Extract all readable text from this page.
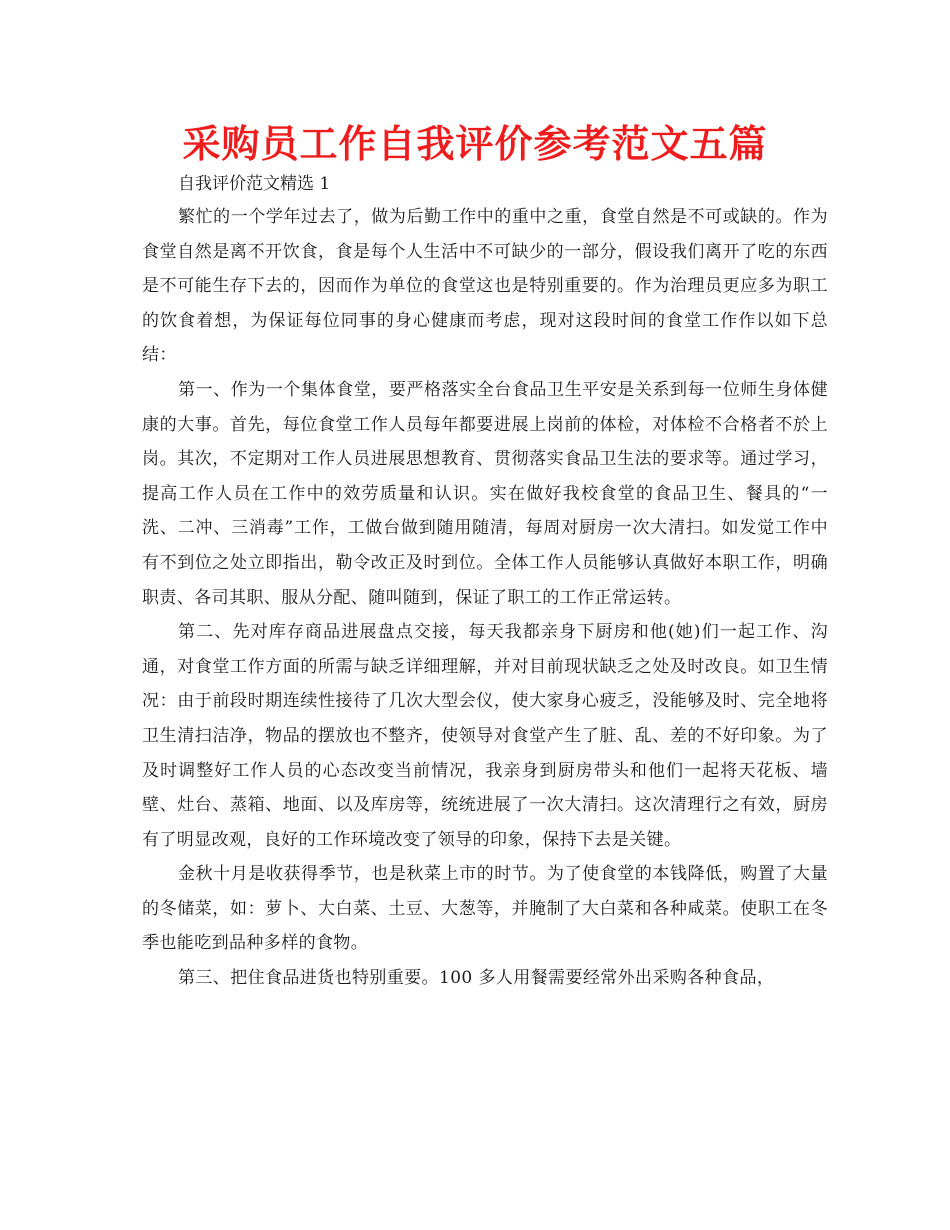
采购员工作自我评价参考范文五篇
自我评价范文精选 1

繁忙的一个学年过去了，做为后勤工作中的重中之重，食堂自然是不可或缺的。作为食堂自然是离不开饮食，食是每个人生活中不可缺少的一部分，假设我们离开了吃的东西是不可能生存下去的，因而作为单位的食堂这也是特别重要的。作为治理员更应多为职工的饮食着想，为保证每位同事的身心健康而考虑，现对这段时间的食堂工作作以如下总结：

第一、作为一个集体食堂，要严格落实全台食品卫生平安是关系到每一位师生身体健康的大事。首先，每位食堂工作人员每年都要进展上岗前的体检，对体检不合格者不於上岗。其次，不定期对工作人员进展思想教育、贯彻落实食品卫生法的要求等。通过学习，提高工作人员在工作中的效劳质量和认识。实在做好我校食堂的食品卫生、餐具的“一洗、二冲、三消毒”工作，工做台做到随用随清，每周对厨房一次大清扫。如发觉工作中有不到位之处立即指出，勒令改正及时到位。全体工作人员能够认真做好本职工作，明确职责、各司其职、服从分配、随叫随到，保证了职工的工作正常运转。

第二、先对库存商品进展盘点交接，每天我都亲身下厨房和他(她)们一起工作、沟通，对食堂工作方面的所需与缺乏详细理解，并对目前现状缺乏之处及时改良。如卫生情况：由于前段时期连续性接待了几次大型会仪，使大家身心疲乏，没能够及时、完全地将卫生清扫洁净，物品的摆放也不整齐，使领导对食堂产生了脏、乱、差的不好印象。为了及时调整好工作人员的心态改变当前情况，我亲身到厨房带头和他们一起将天花板、墙壁、灶台、蒸箱、地面、以及库房等，统统进展了一次大清扫。这次清理行之有效，厨房有了明显改观，良好的工作环境改变了领导的印象，保持下去是关键。

金秋十月是收获得季节，也是秋菜上市的时节。为了使食堂的本钱降低，购置了大量的冬储菜，如：萝卜、大白菜、土豆、大葱等，并腌制了大白菜和各种咸菜。使职工在冬季也能吃到品种多样的食物。

第三、把住食品进货也特别重要。100 多人用餐需要经常外出采购各种食品，
